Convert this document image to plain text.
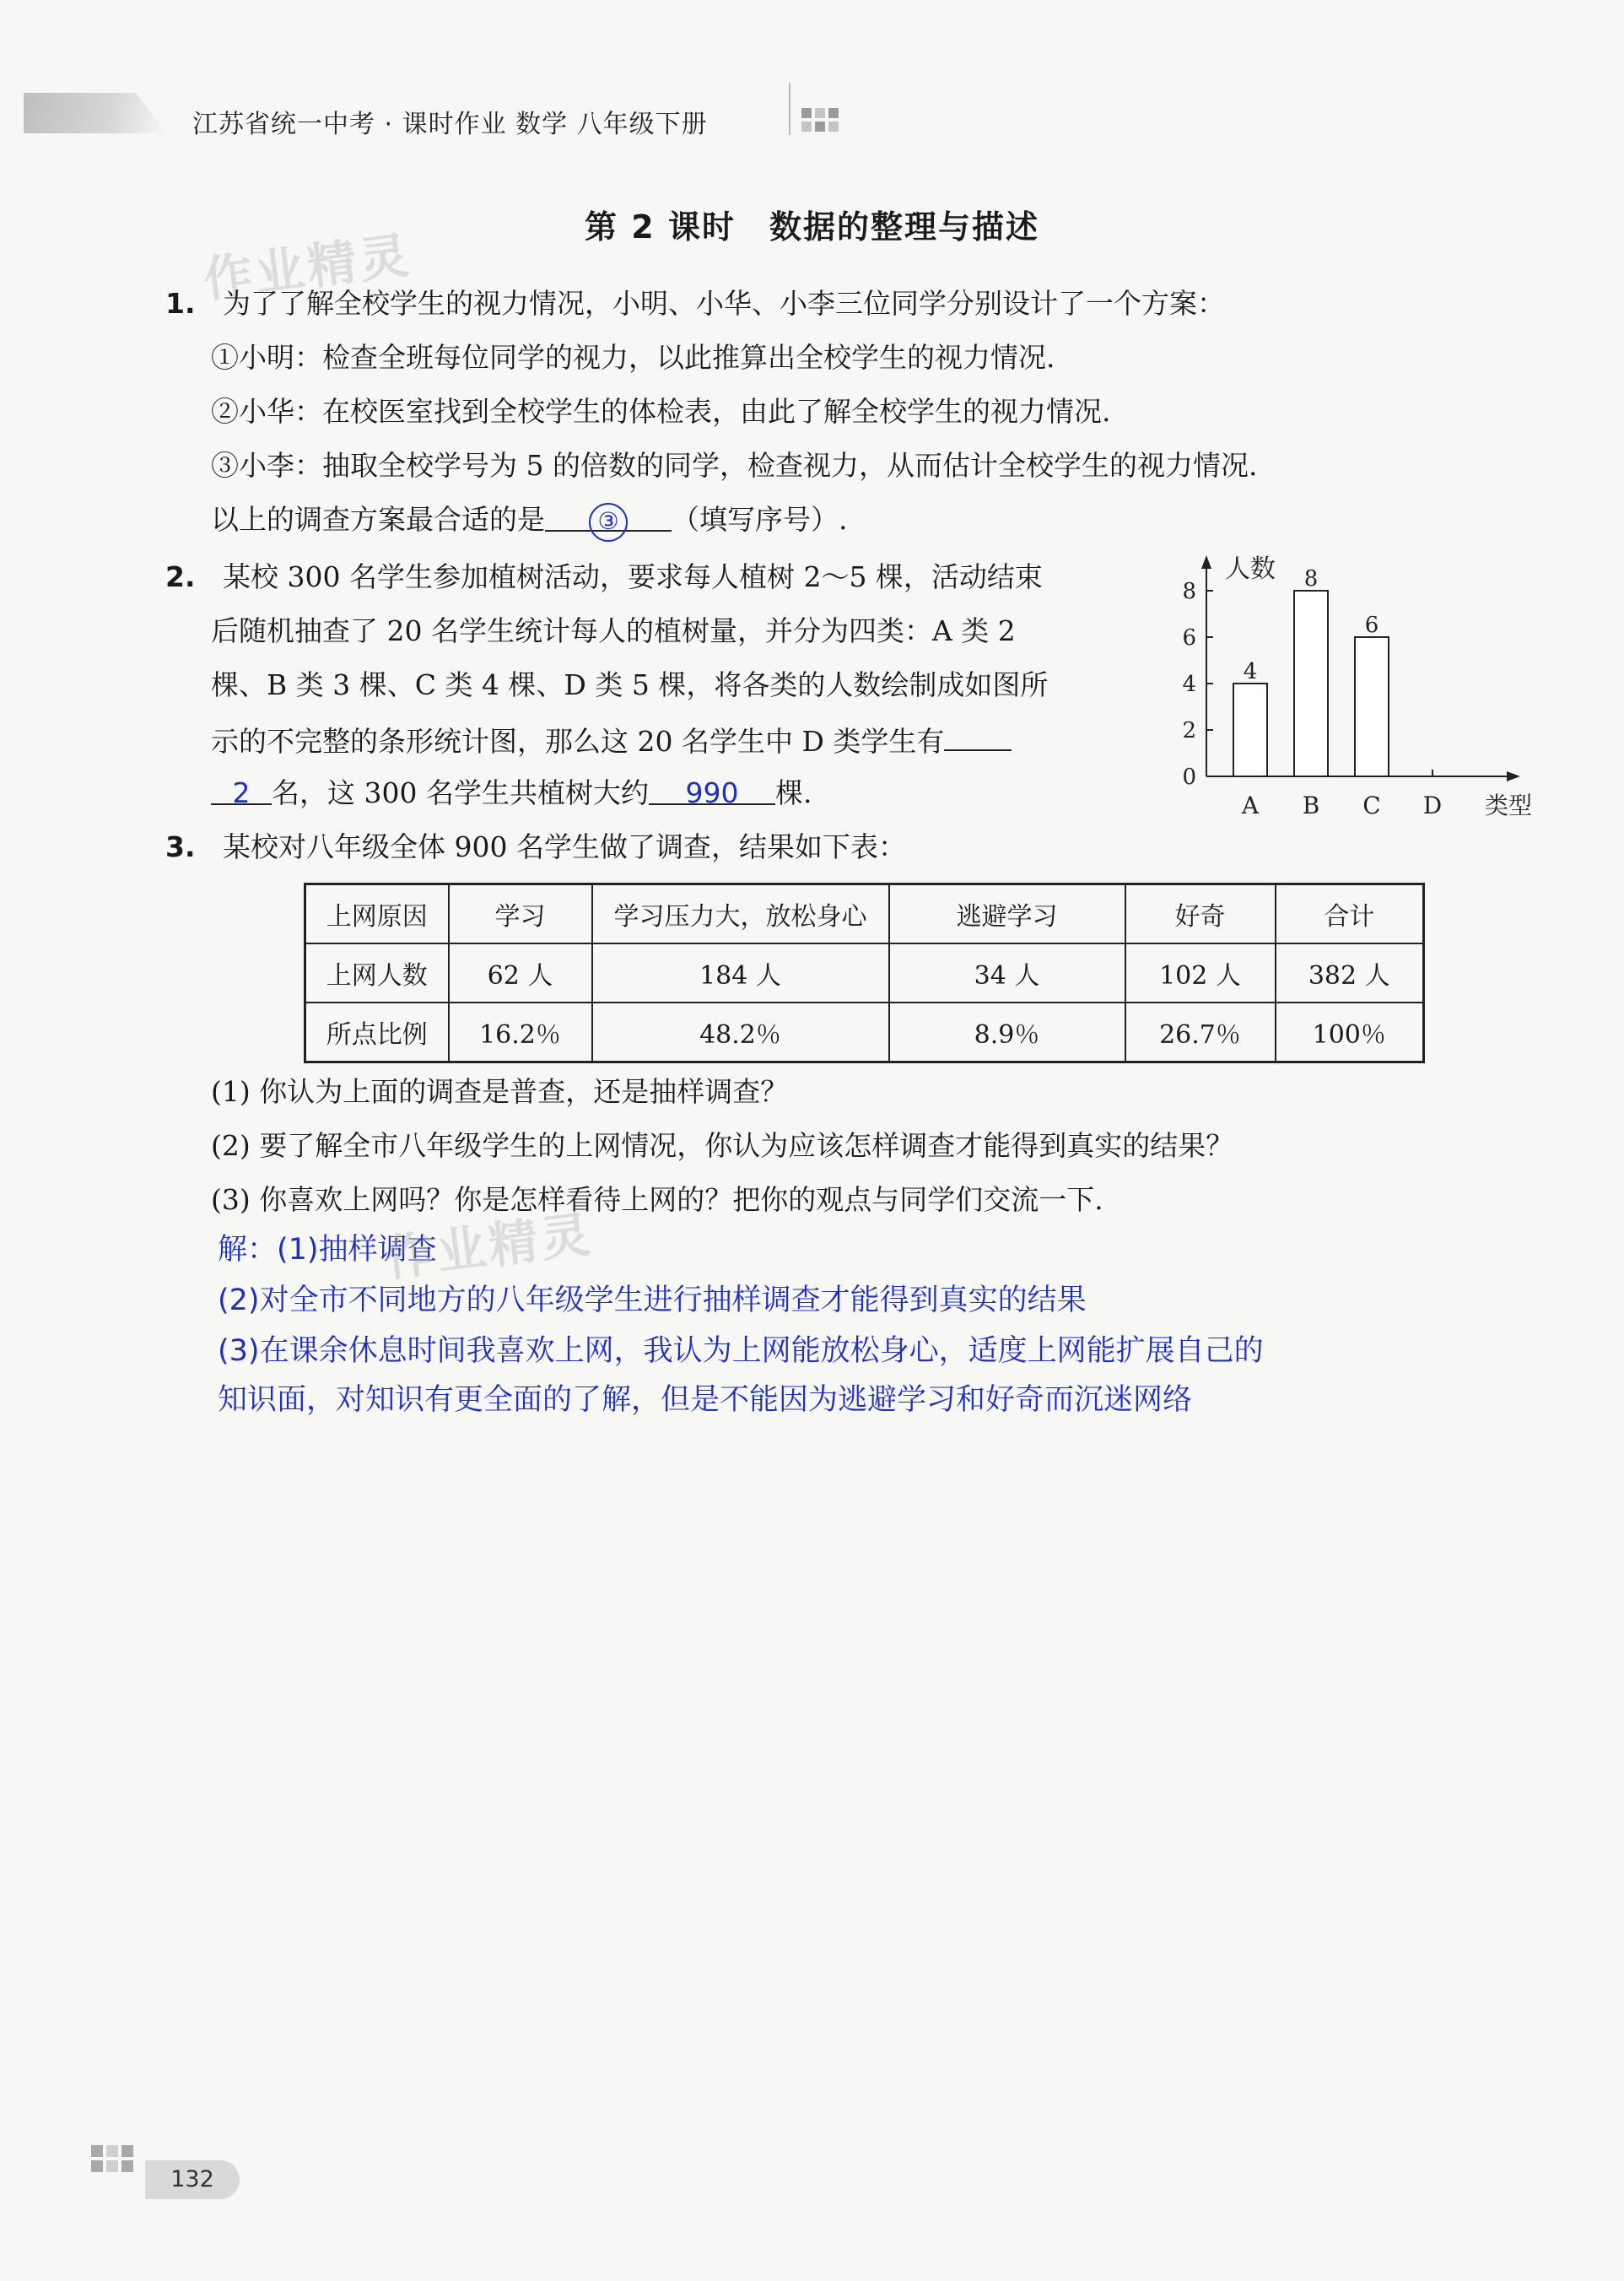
江苏省统一中考 · 课时作业 数学 八年级下册
作业精灵	第 2 课时　数据的整理与描述
1. 为了了解全校学生的视力情况，小明、小华、小李三位同学分别设计了一个方案：
①小明：检查全班每位同学的视力，以此推算出全校学生的视力情况.
②小华：在校医室找到全校学生的体检表，由此了解全校学生的视力情况.
③小李：抽取全校学号为 5 的倍数的同学，检查视力，从而估计全校学生的视力情况.
以上的调查方案最合适的是 ③ （填写序号）.
2. 某校 300 名学生参加植树活动，要求每人植树 2～5 棵，活动结束
后随机抽查了 20 名学生统计每人的植树量，并分为四类：A 类 2
棵、B 类 3 棵、C 类 4 棵、D 类 5 棵，将各类的人数绘制成如图所
示的不完整的条形统计图，那么这 20 名学生中 D 类学生有
2 名，这 300 名学生共植树大约 990 棵.
人数
类型
0
2
4
6
8
A B C D
4
8
6
3. 某校对八年级全体 900 名学生做了调查，结果如下表：
上网原因	学习	学习压力大，放松身心	逃避学习	好奇	合计
上网人数	62 人	184 人	34 人	102 人	382 人
所点比例	16.2％	48.2％	8.9％	26.7％	100％
(1) 你认为上面的调查是普查，还是抽样调查？
(2) 要了解全市八年级学生的上网情况，你认为应该怎样调查才能得到真实的结果？
(3) 你喜欢上网吗？你是怎样看待上网的？把你的观点与同学们交流一下.
解：(1)抽样调查
(2)对全市不同地方的八年级学生进行抽样调查才能得到真实的结果
(3)在课余休息时间我喜欢上网，我认为上网能放松身心，适度上网能扩展自己的
知识面，对知识有更全面的了解，但是不能因为逃避学习和好奇而沉迷网络
作业精灵
132
